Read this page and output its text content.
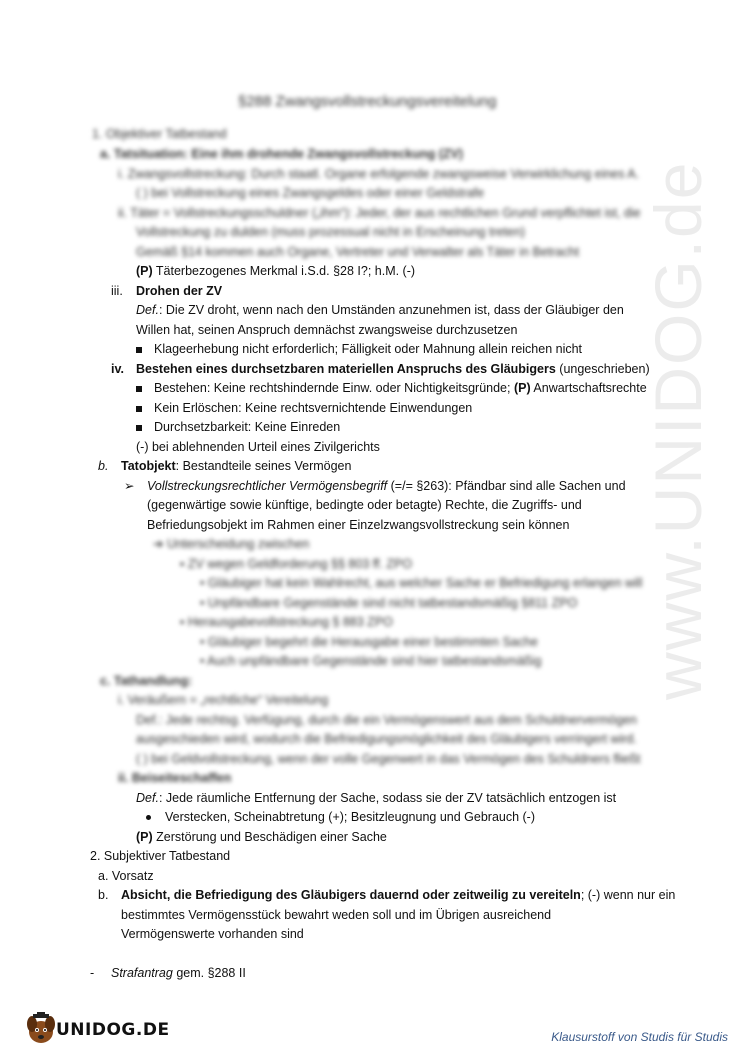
www.UNIDOG.de
§288 Zwangsvollstreckungsvereitelung
1. Objektiver Tatbestand
a. Tatsituation: Eine ihm drohende Zwangsvollstreckung (ZV)
i. Zwangsvollstreckung: Durch staatl. Organe erfolgende zwangsweise Verwirklichung eines A.
( ) bei Vollstreckung eines Zwangsgeldes oder einer Geldstrafe
ii. Täter = Vollstreckungsschuldner („ihm“): Jeder, der aus rechtlichen Grund verpflichtet ist, die
Vollstreckung zu dulden (muss prozessual nicht in Erscheinung treten)
Gemäß §14 kommen auch Organe, Vertreter und Verwalter als Täter in Betracht
(P) Täterbezogenes Merkmal i.S.d. §28 I?; h.M. (-)
iii. Drohen der ZV
Def.: Die ZV droht, wenn nach den Umständen anzunehmen ist, dass der Gläubiger den
Willen hat, seinen Anspruch demnächst zwangsweise durchzusetzen
Klageerhebung nicht erforderlich; Fälligkeit oder Mahnung allein reichen nicht
iv. Bestehen eines durchsetzbaren materiellen Anspruchs des Gläubigers (ungeschrieben)
Bestehen: Keine rechtshindernde Einw. oder Nichtigkeitsgründe; (P) Anwartschaftsrechte
Kein Erlöschen: Keine rechtsvernichtende Einwendungen
Durchsetzbarkeit: Keine Einreden
(-) bei ablehnenden Urteil eines Zivilgerichts
b. Tatobjekt: Bestandteile seines Vermögen
➢ Vollstreckungsrechtlicher Vermögensbegriff (=/= §263): Pfändbar sind alle Sachen und
(gegenwärtige sowie künftige, bedingte oder betagte) Rechte, die Zugriffs- und
Befriedungsobjekt im Rahmen einer Einzelzwangsvollstreckung sein können
➔ Unterscheidung zwischen
▪ ZV wegen Geldforderung §§ 803 ff. ZPO
• Gläubiger hat kein Wahlrecht, aus welcher Sache er Befriedigung erlangen will
• Unpfändbare Gegenstände sind nicht tatbestandsmäßig §811 ZPO
▪ Herausgabevollstreckung § 883 ZPO
• Gläubiger begehrt die Herausgabe einer bestimmten Sache
• Auch unpfändbare Gegenstände sind hier tatbestandsmäßig
c. Tathandlung:
i. Veräußern = „rechtliche“ Vereitelung
Def.: Jede rechtsg. Verfügung, durch die ein Vermögenswert aus dem Schuldnervermögen
ausgeschieden wird, wodurch die Befriedigungsmöglichkeit des Gläubigers verringert wird.
( ) bei Geldvollstreckung, wenn der volle Gegenwert in das Vermögen des Schuldners fließt
ii. Beiseiteschaffen
Def.: Jede räumliche Entfernung der Sache, sodass sie der ZV tatsächlich entzogen ist
Verstecken, Scheinabtretung (+); Besitzleugnung und Gebrauch (-)
(P) Zerstörung und Beschädigen einer Sache
2. Subjektiver Tatbestand
a. Vorsatz
b. Absicht, die Befriedigung des Gläubigers dauernd oder zeitweilig zu vereiteln; (-) wenn nur ein
bestimmtes Vermögensstück bewahrt weden soll und im Übrigen ausreichend
Vermögenswerte vorhanden sind
- Strafantrag gem. §288 II
UNIDOG.DE	Klausurstoff von Studis für Studis
